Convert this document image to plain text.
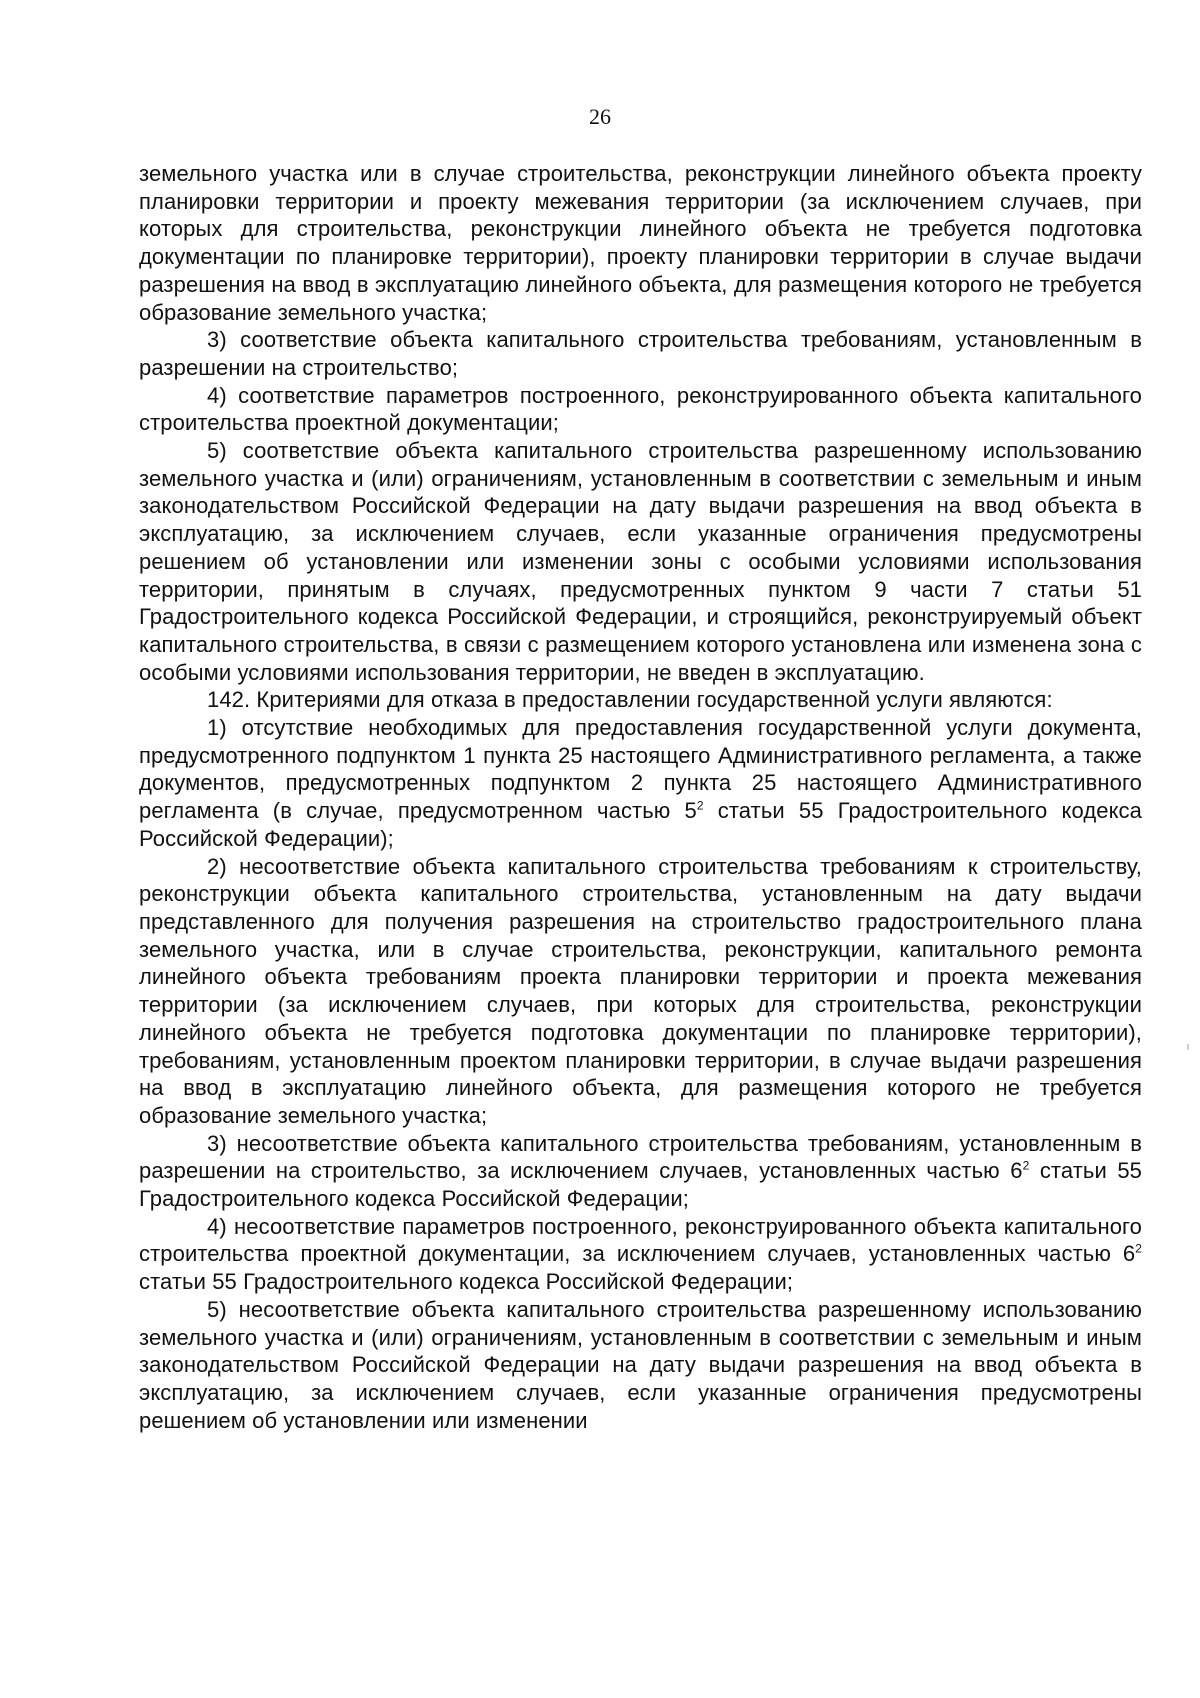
26

земельного участка или в случае строительства, реконструкции линейного объекта проекту планировки территории и проекту межевания территории (за исключением случаев, при которых для строительства, реконструкции линейного объекта не требуется подготовка документации по планировке территории), проекту планировки территории в случае выдачи разрешения на ввод в эксплуатацию линейного объекта, для размещения которого не требуется образование земельного участка;

3) соответствие объекта капитального строительства требованиям, установленным в разрешении на строительство;

4) соответствие параметров построенного, реконструированного объекта капитального строительства проектной документации;

5) соответствие объекта капитального строительства разрешенному использованию земельного участка и (или) ограничениям, установленным в соответствии с земельным и иным законодательством Российской Федерации на дату выдачи разрешения на ввод объекта в эксплуатацию, за исключением случаев, если указанные ограничения предусмотрены решением об установлении или изменении зоны с особыми условиями использования территории, принятым в случаях, предусмотренных пунктом 9 части 7 статьи 51 Градостроительного кодекса Российской Федерации, и строящийся, реконструируемый объект капитального строительства, в связи с размещением которого установлена или изменена зона с особыми условиями использования территории, не введен в эксплуатацию.

142. Критериями для отказа в предоставлении государственной услуги являются:

1) отсутствие необходимых для предоставления государственной услуги документа, предусмотренного подпунктом 1 пункта 25 настоящего Административного регламента, а также документов, предусмотренных подпунктом 2 пункта 25 настоящего Административного регламента (в случае, предусмотренном частью $5^2$ статьи 55 Градостроительного кодекса Российской Федерации);

2) несоответствие объекта капитального строительства требованиям к строительству, реконструкции объекта капитального строительства, установленным на дату выдачи представленного для получения разрешения на строительство градостроительного плана земельного участка, или в случае строительства, реконструкции, капитального ремонта линейного объекта требованиям проекта планировки территории и проекта межевания территории (за исключением случаев, при которых для строительства, реконструкции линейного объекта не требуется подготовка документации по планировке территории), требованиям, установленным проектом планировки территории, в случае выдачи разрешения на ввод в эксплуатацию линейного объекта, для размещения которого не требуется образование земельного участка;

3) несоответствие объекта капитального строительства требованиям, установленным в разрешении на строительство, за исключением случаев, установленных частью $6^2$ статьи 55 Градостроительного кодекса Российской Федерации;

4) несоответствие параметров построенного, реконструированного объекта капитального строительства проектной документации, за исключением случаев, установленных частью $6^2$ статьи 55 Градостроительного кодекса Российской Федерации;

5) несоответствие объекта капитального строительства разрешенному использованию земельного участка и (или) ограничениям, установленным в соответствии с земельным и иным законодательством Российской Федерации на дату выдачи разрешения на ввод объекта в эксплуатацию, за исключением случаев, если указанные ограничения предусмотрены решением об установлении или изменении
